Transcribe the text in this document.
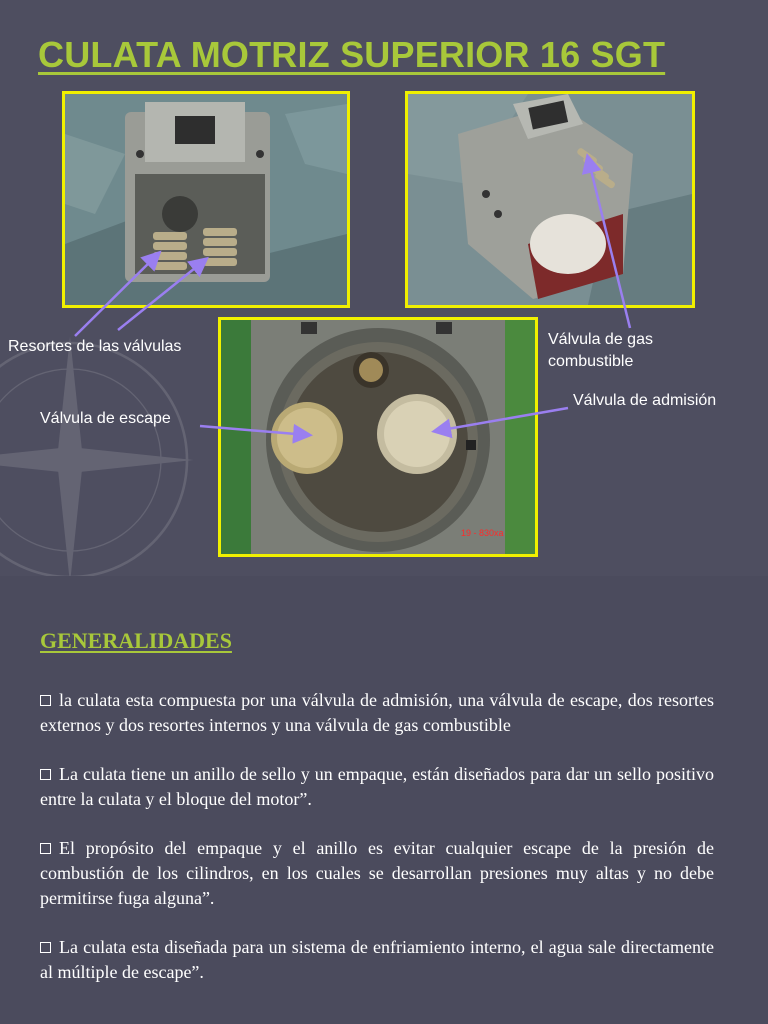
CULATA MOTRIZ SUPERIOR 16 SGT
19 - 830xa
Resortes de las válvulas	Válvula de gas combustible
Válvula de escape
Válvula de admisión
GENERALIDADES
la culata esta compuesta por una válvula de admisión, una válvula de escape, dos resortes externos y dos resortes internos y una válvula de gas combustible
La culata tiene un anillo de sello y un empaque, están diseñados para dar un sello positivo entre la culata y el bloque del motor”.
El propósito del empaque y el anillo es evitar cualquier escape de la presión de combustión de los cilindros, en los cuales se desarrollan presiones muy altas y no debe permitirse fuga alguna”.
La culata esta diseñada para un sistema de enfriamiento interno, el agua sale directamente al múltiple de escape”.
